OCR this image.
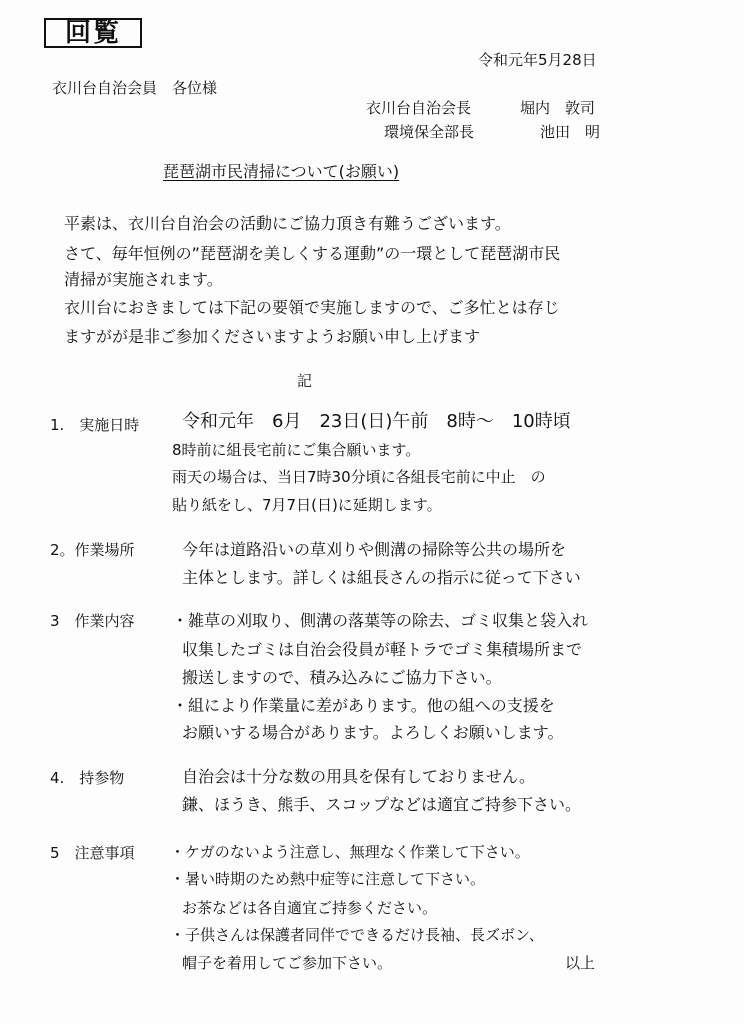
回覧
令和元年5月28日
衣川台自治会員　各位様
衣川台自治会長	堀内　敦司
環境保全部長	池田　明
琵琶湖市民清掃について(お願い)
平素は、衣川台自治会の活動にご協力頂き有難うございます。
さて、毎年恒例の”琵琶湖を美しくする運動”の一環として琵琶湖市民
清掃が実施されます。
衣川台におきましては下記の要領で実施しますので、ご多忙とは存じ
ますがが是非ご参加くださいますようお願い申し上げます
記
1.　実施日時 令和元年　6月　23日(日)午前　8時～　10時頃
8時前に組長宅前にご集合願います。
雨天の場合は、当日7時30分頃に各組長宅前に中止　の
貼り紙をし、7月7日(日)に延期します。
2。作業場所	今年は道路沿いの草刈りや側溝の掃除等公共の場所を
主体とします。詳しくは組長さんの指示に従って下さい
3　作業内容 ・雑草の刈取り、側溝の落葉等の除去、ゴミ収集と袋入れ
収集したゴミは自治会役員が軽トラでゴミ集積場所まで
搬送しますので、積み込みにご協力下さい。
・組により作業量に差があります。他の組への支援を
お願いする場合があります。よろしくお願いします。
4.　持参物	自治会は十分な数の用具を保有しておりません。
鎌、ほうき、熊手、スコップなどは適宜ご持参下さい。
5　注意事項 ・ケガのないよう注意し、無理なく作業して下さい。
・暑い時期のため熱中症等に注意して下さい。
お茶などは各自適宜ご持参ください。
・子供さんは保護者同伴でできるだけ長袖、長ズボン、
帽子を着用してご参加下さい。	以上
